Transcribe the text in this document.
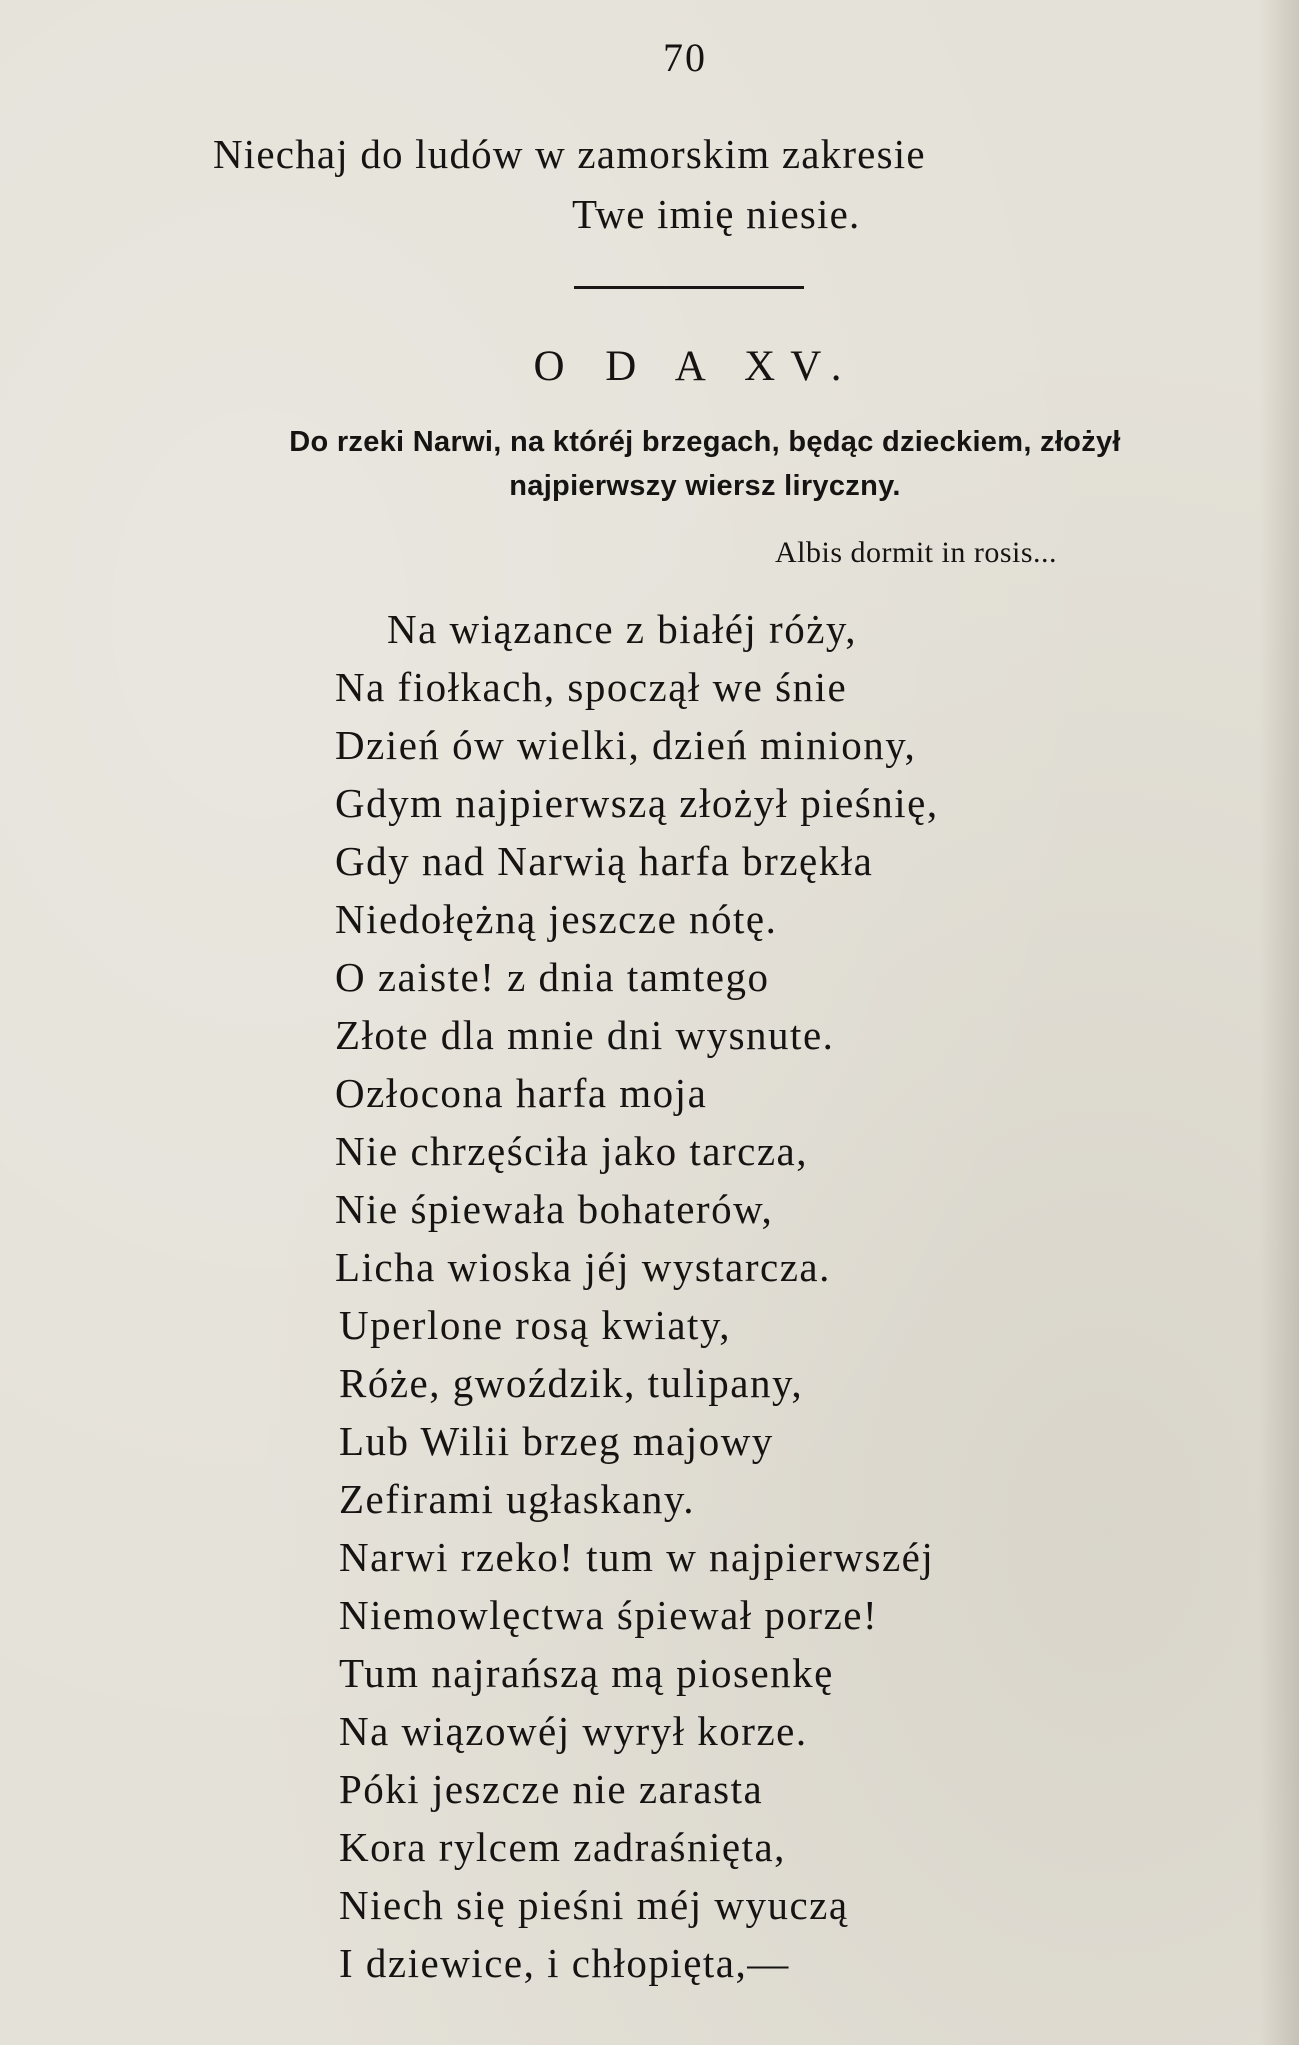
70
Niechaj do ludów w zamorskim zakresie
Twe imię niesie.
O D A XV.
Do rzeki Narwi, na któréj brzegach, będąc dzieckiem, złożył
najpierwszy wiersz liryczny.
Albis dormit in rosis...
Na wiązance z białéj róży,
Na fiołkach, spoczął we śnie
Dzień ów wielki, dzień miniony,
Gdym najpierwszą złożył pieśnię,
Gdy nad Narwią harfa brzękła
Niedołężną jeszcze nótę.
O zaiste! z dnia tamtego
Złote dla mnie dni wysnute.
Ozłocona harfa moja
Nie chrzęściła jako tarcza,
Nie śpiewała bohaterów,
Licha wioska jéj wystarcza.
Uperlone rosą kwiaty,
Róże, gwoździk, tulipany,
Lub Wilii brzeg majowy
Zefirami ugłaskany.
Narwi rzeko! tum w najpierwszéj
Niemowlęctwa śpiewał porze!
Tum najrańszą mą piosenkę
Na wiązowéj wyrył korze.
Póki jeszcze nie zarasta
Kora rylcem zadraśnięta,
Niech się pieśni méj wyuczą
I dziewice, i chłopięta,—
